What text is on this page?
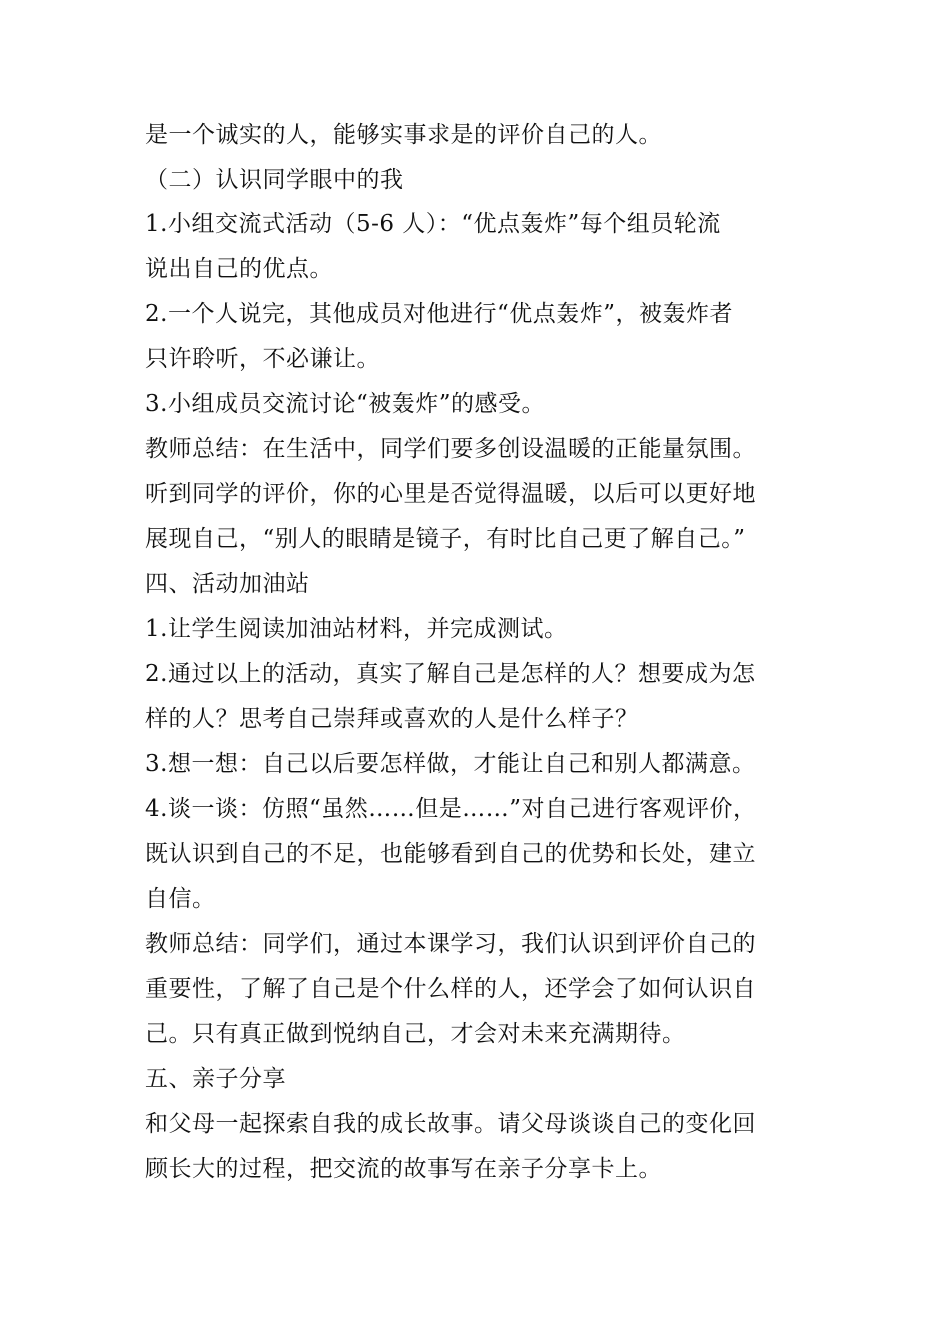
是一个诚实的人，能够实事求是的评价自己的人。
（二）认识同学眼中的我
1.小组交流式活动（5-6 人）：“优点轰炸”每个组员轮流
说出自己的优点。
2.一个人说完，其他成员对他进行“优点轰炸”，被轰炸者
只许聆听，不必谦让。
3.小组成员交流讨论“被轰炸”的感受。
教师总结：在生活中，同学们要多创设温暖的正能量氛围。
听到同学的评价，你的心里是否觉得温暖，以后可以更好地
展现自己，“别人的眼睛是镜子，有时比自己更了解自己。”
四、活动加油站
1.让学生阅读加油站材料，并完成测试。
2.通过以上的活动，真实了解自己是怎样的人？想要成为怎
样的人？思考自己崇拜或喜欢的人是什么样子？
3.想一想：自己以后要怎样做，才能让自己和别人都满意。
4.谈一谈：仿照“虽然……但是……”对自己进行客观评价，
既认识到自己的不足，也能够看到自己的优势和长处，建立
自信。
教师总结：同学们，通过本课学习，我们认识到评价自己的
重要性，了解了自己是个什么样的人，还学会了如何认识自
己。只有真正做到悦纳自己，才会对未来充满期待。
五、亲子分享
和父母一起探索自我的成长故事。请父母谈谈自己的变化回
顾长大的过程，把交流的故事写在亲子分享卡上。
